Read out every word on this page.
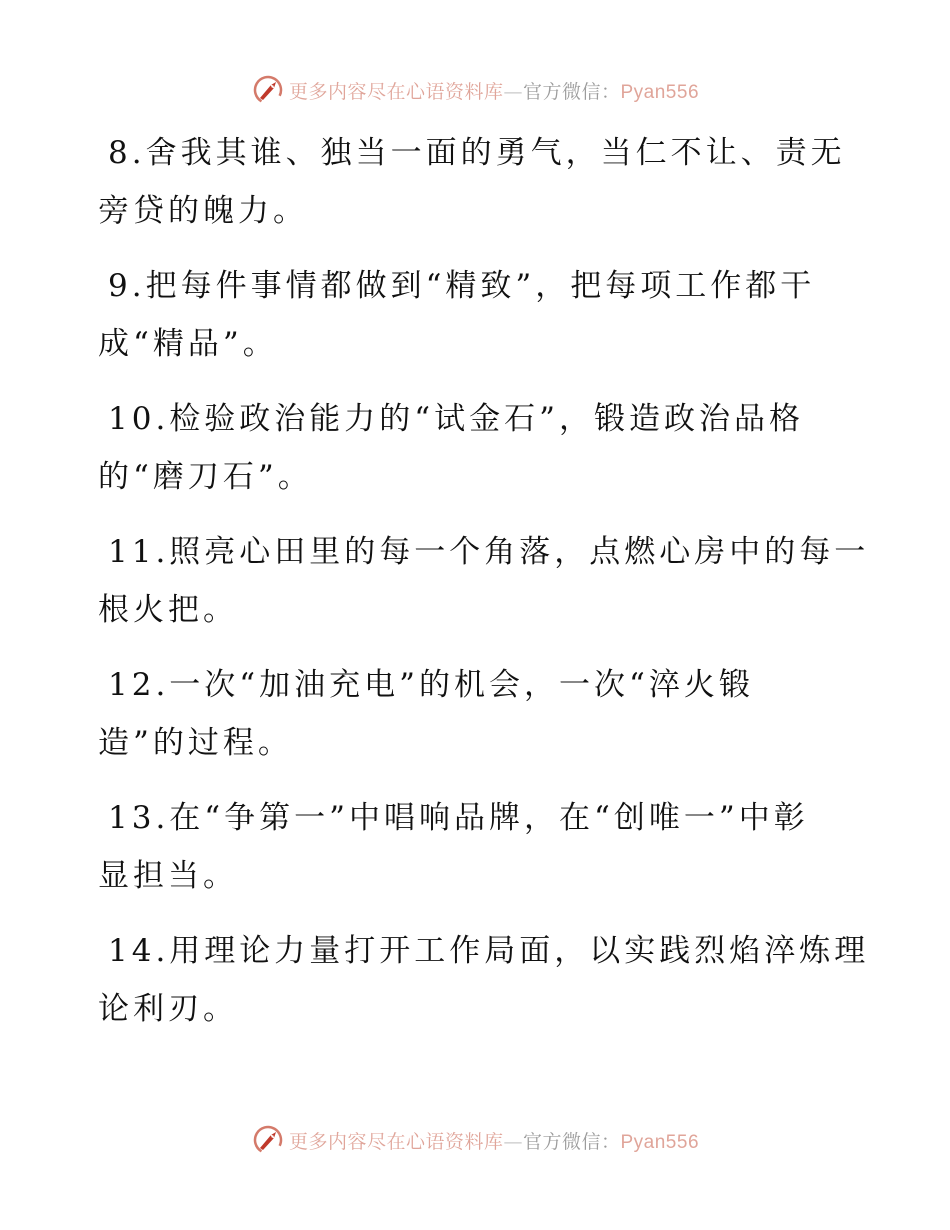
更多内容尽在心语资料库—官方微信：Pyan556
8.舍我其谁、独当一面的勇气，当仁不让、责无
旁贷的魄力。
9.把每件事情都做到“精致”，把每项工作都干
成“精品”。
10.检验政治能力的“试金石”，锻造政治品格
的“磨刀石”。
11.照亮心田里的每一个角落，点燃心房中的每一
根火把。
12.一次“加油充电”的机会，一次“淬火锻
造”的过程。
13.在“争第一”中唱响品牌，在“创唯一”中彰
显担当。
14.用理论力量打开工作局面，以实践烈焰淬炼理
论利刃。
更多内容尽在心语资料库—官方微信：Pyan556
